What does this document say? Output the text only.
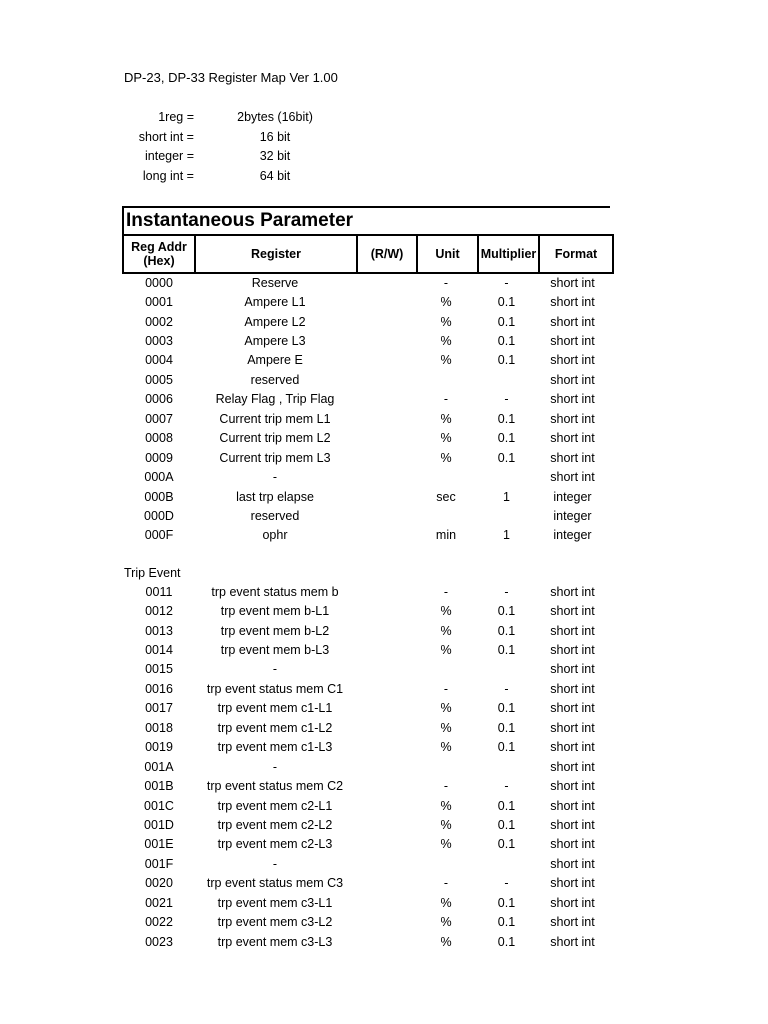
DP-23, DP-33 Register Map Ver 1.00
1reg =	2bytes (16bit)
short int =	16 bit
integer =	32 bit
long int =	64 bit
Instantaneous Parameter
Reg Addr (Hex)	Register	(R/W)	Unit	Multiplier	Format
0000	Reserve	-	-	short int
0001	Ampere L1	%	0.1	short int
0002	Ampere L2	%	0.1	short int
0003	Ampere L3	%	0.1	short int
0004	Ampere E	%	0.1	short int
0005	reserved	short int
0006	Relay Flag , Trip Flag	-	-	short int
0007	Current trip mem L1	%	0.1	short int
0008	Current trip mem L2	%	0.1	short int
0009	Current trip mem L3	%	0.1	short int
000A	-	short int
000B	last trp elapse	sec	1	integer
000D	reserved	integer
000F	ophr	min	1	integer
Trip Event
0011	trp event status mem b	-	-	short int
0012	trp event mem b-L1	%	0.1	short int
0013	trp event mem b-L2	%	0.1	short int
0014	trp event mem b-L3	%	0.1	short int
0015	-	short int
0016	trp event status mem C1	-	-	short int
0017	trp event mem c1-L1	%	0.1	short int
0018	trp event mem c1-L2	%	0.1	short int
0019	trp event mem c1-L3	%	0.1	short int
001A	-	short int
001B	trp event status mem C2	-	-	short int
001C	trp event mem c2-L1	%	0.1	short int
001D	trp event mem c2-L2	%	0.1	short int
001E	trp event mem c2-L3	%	0.1	short int
001F	-	short int
0020	trp event status mem C3	-	-	short int
0021	trp event mem c3-L1	%	0.1	short int
0022	trp event mem c3-L2	%	0.1	short int
0023	trp event mem c3-L3	%	0.1	short int
